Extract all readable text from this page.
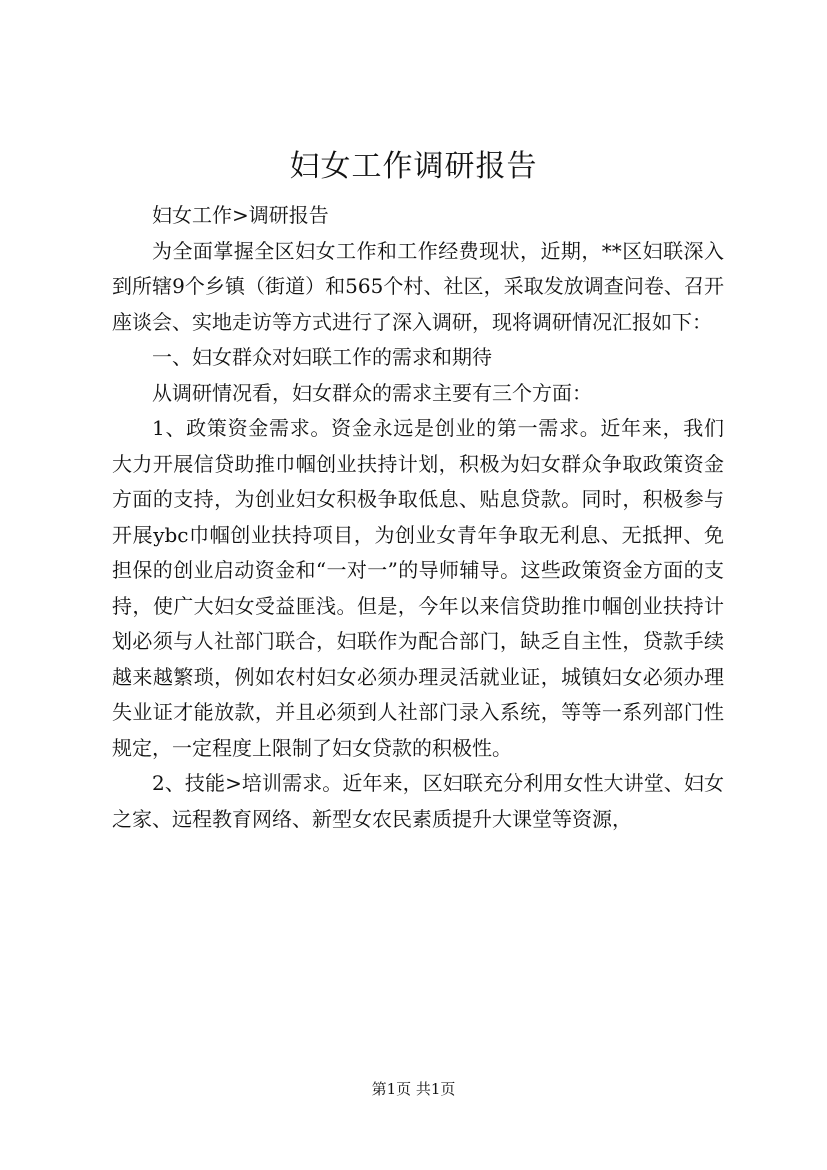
妇女工作调研报告

妇女工作>调研报告

为全面掌握全区妇女工作和工作经费现状，近期，**区妇联深入到所辖9个乡镇（街道）和565个村、社区，采取发放调查问卷、召开座谈会、实地走访等方式进行了深入调研，现将调研情况汇报如下：

一、妇女群众对妇联工作的需求和期待

从调研情况看，妇女群众的需求主要有三个方面：

1、政策资金需求。资金永远是创业的第一需求。近年来，我们大力开展信贷助推巾帼创业扶持计划，积极为妇女群众争取政策资金方面的支持，为创业妇女积极争取低息、贴息贷款。同时，积极参与开展ybc巾帼创业扶持项目，为创业女青年争取无利息、无抵押、免担保的创业启动资金和“一对一”的导师辅导。这些政策资金方面的支持，使广大妇女受益匪浅。但是，今年以来信贷助推巾帼创业扶持计划必须与人社部门联合，妇联作为配合部门，缺乏自主性，贷款手续越来越繁琐，例如农村妇女必须办理灵活就业证，城镇妇女必须办理失业证才能放款，并且必须到人社部门录入系统，等等一系列部门性规定，一定程度上限制了妇女贷款的积极性。

2、技能>培训需求。近年来，区妇联充分利用女性大讲堂、妇女之家、远程教育网络、新型女农民素质提升大课堂等资源，

第1页 共1页
